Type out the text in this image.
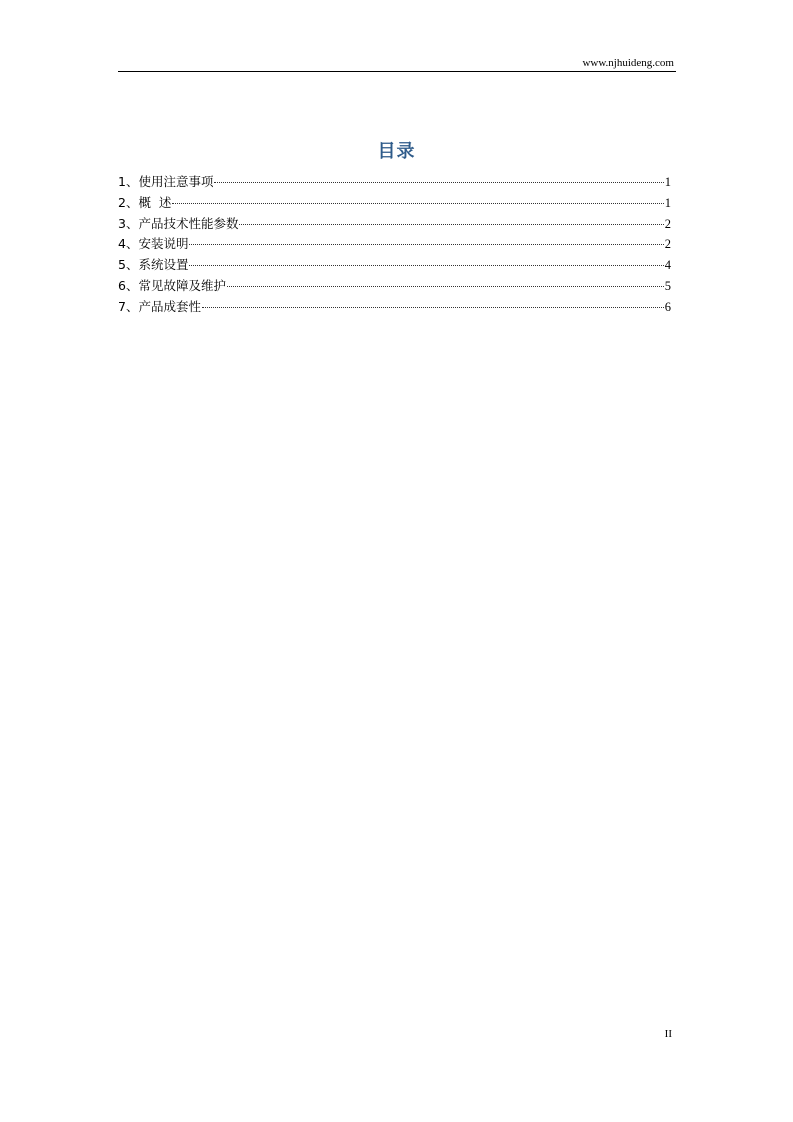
www.njhuideng.com
目录
1、使用注意事项	1
2、概  述	1
3、产品技术性能参数	2
4、安装说明	2
5、系统设置	4
6、常见故障及维护	5
7、产品成套性	6
II
